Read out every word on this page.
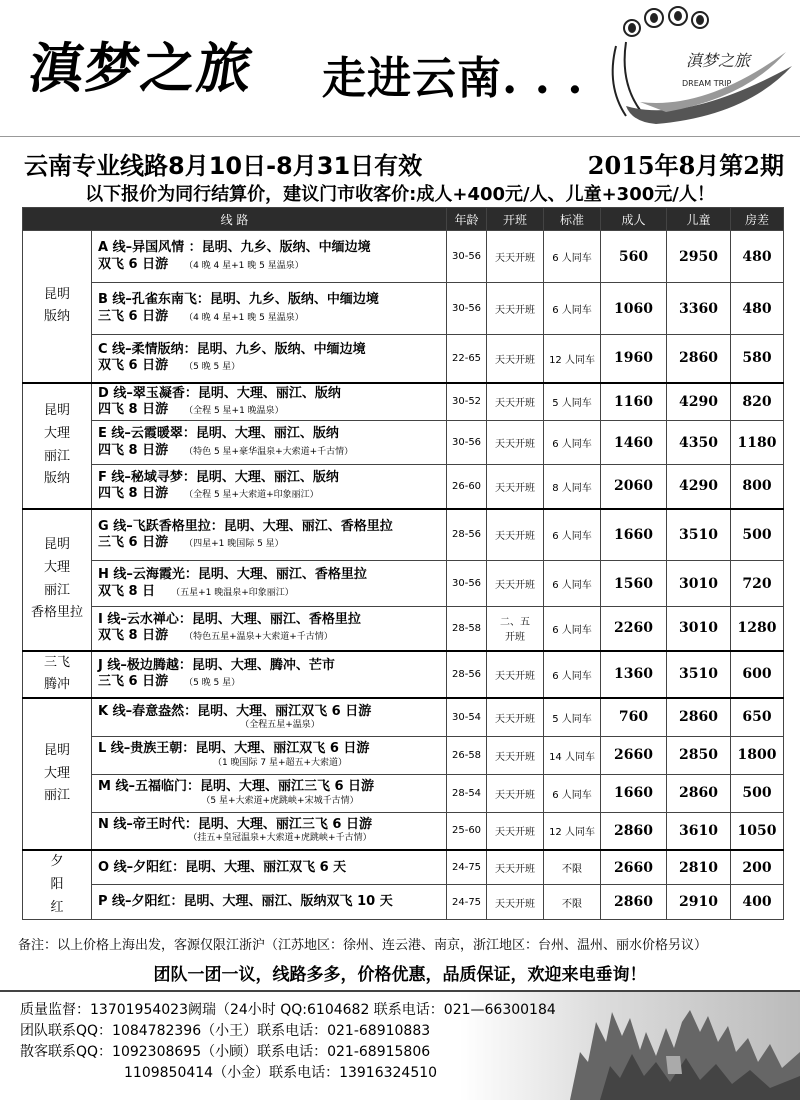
滇梦之旅 走进云南. . .	滇梦之旅
DREAM TRIP
云南专业线路8月10日-8月31日有效	2015年8月第2期
以下报价为同行结算价，建议门市收客价:成人+400元/人、儿童+300元/人！
线 路		年龄	开班	标准	成人	儿童	房差
昆明
版纳	A 线–异国风情 ：昆明、九乡、版纳、中缅边境
双飞 6 日游 （4 晚 4 星+1 晚 5 星温泉）	30-56	天天开班	6 人同车	560	2950	480
	B 线–孔雀东南飞：昆明、九乡、版纳、中缅边境
三飞 6 日游 （4 晚 4 星+1 晚 5 星温泉）	30-56	天天开班	6 人同车	1060	3360	480
	C 线–柔情版纳：昆明、九乡、版纳、中缅边境
双飞 6 日游 （5 晚 5 星）	22-65	天天开班	12 人同车	1960	2860	580
昆明
大理
丽江
版纳	D 线–翠玉凝香：昆明、大理、丽江、版纳
四飞 8 日游 （全程 5 星+1 晚温泉）	30-52	天天开班	5 人同车	1160	4290	820
	E 线–云霞暖翠：昆明、大理、丽江、版纳
四飞 8 日游 （特色 5 星+豪华温泉+大索道+千古情）	30-56	天天开班	6 人同车	1460	4350	1180
	F 线–秘域寻梦：昆明、大理、丽江、版纳
四飞 8 日游 （全程 5 星+大索道+印象丽江）	26-60	天天开班	8 人同车	2060	4290	800
昆明
大理
丽江
香格里拉	G 线–飞跃香格里拉：昆明、大理、丽江、香格里拉
三飞 6 日游 （四星+1 晚国际 5 星）	28-56	天天开班	6 人同车	1660	3510	500
	H 线–云海霞光：昆明、大理、丽江、香格里拉
双飞 8 日 （五星+1 晚温泉+印象丽江）	30-56	天天开班	6 人同车	1560	3010	720
	I 线–云水禅心：昆明、大理、丽江、香格里拉
双飞 8 日游 （特色五星+温泉+大索道+千古情）	28-58	二、五
开班	6 人同车	2260	3010	1280
三飞
腾冲	J 线–极边腾越：昆明、大理、腾冲、芒市
三飞 6 日游 （5 晚 5 星）	28-56	天天开班	6 人同车	1360	3510	600
昆明
大理
丽江	K 线–春意盎然：昆明、大理、丽江双飞 6 日游
（全程五星+温泉）	30-54	天天开班	5 人同车	760	2860	650
	L 线–贵族王朝：昆明、大理、丽江双飞 6 日游
（1 晚国际 7 星+超五+大索道）	26-58	天天开班	14 人同车	2660	2850	1800
	M 线–五福临门：昆明、大理、丽江三飞 6 日游
（5 星+大索道+虎跳峡+宋城千古情）	28-54	天天开班	6 人同车	1660	2860	500
	N 线–帝王时代：昆明、大理、丽江三飞 6 日游
（挂五+皇冠温泉+大索道+虎跳峡+千古情）	25-60	天天开班	12 人同车	2860	3610	1050
夕
阳
红	O 线–夕阳红：昆明、大理、丽江双飞 6 天	24-75	天天开班	不限	2660	2810	200
	P 线–夕阳红：昆明、大理、丽江、版纳双飞 10 天	24-75	天天开班	不限	2860	2910	400
备注：以上价格上海出发，客源仅限江浙沪（江苏地区：徐州、连云港、南京，浙江地区：台州、温州、丽水价格另议）
团队一团一议，线路多多，价格优惠，品质保证，欢迎来电垂询！
质量监督：13701954023阙瑞（24小时 QQ:6104682 联系电话：021—66300184
团队联系QQ：1084782396（小王）联系电话：021-68910883
散客联系QQ：1092308695（小顾）联系电话：021-68915806
1109850414（小金）联系电话：13916324510
